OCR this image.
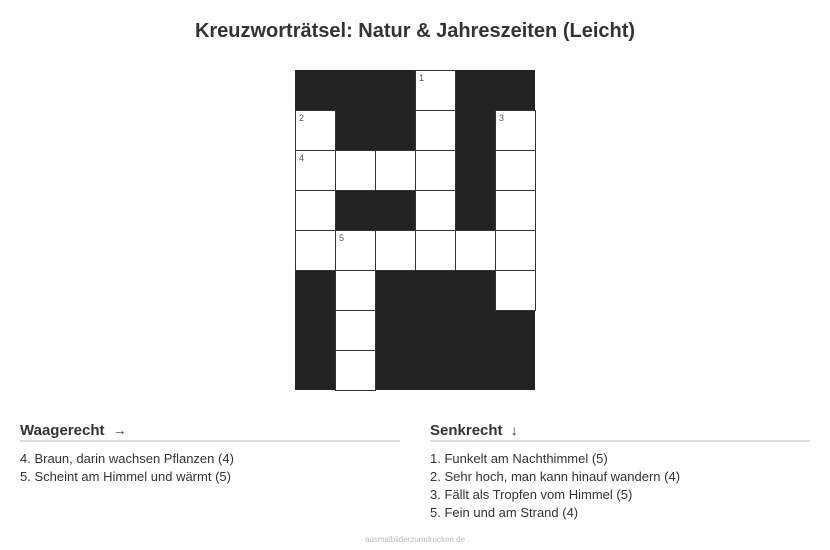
Kreuzworträtsel: Natur & Jahreszeiten (Leicht)
1
2	3
4
5
Waagerecht →
4. Braun, darin wachsen Pflanzen (4)
5. Scheint am Himmel und wärmt (5)
Senkrecht ↓
1. Funkelt am Nachthimmel (5)
2. Sehr hoch, man kann hinauf wandern (4)
3. Fällt als Tropfen vom Himmel (5)
5. Fein und am Strand (4)
ausmalbilderzumdrucken.de
